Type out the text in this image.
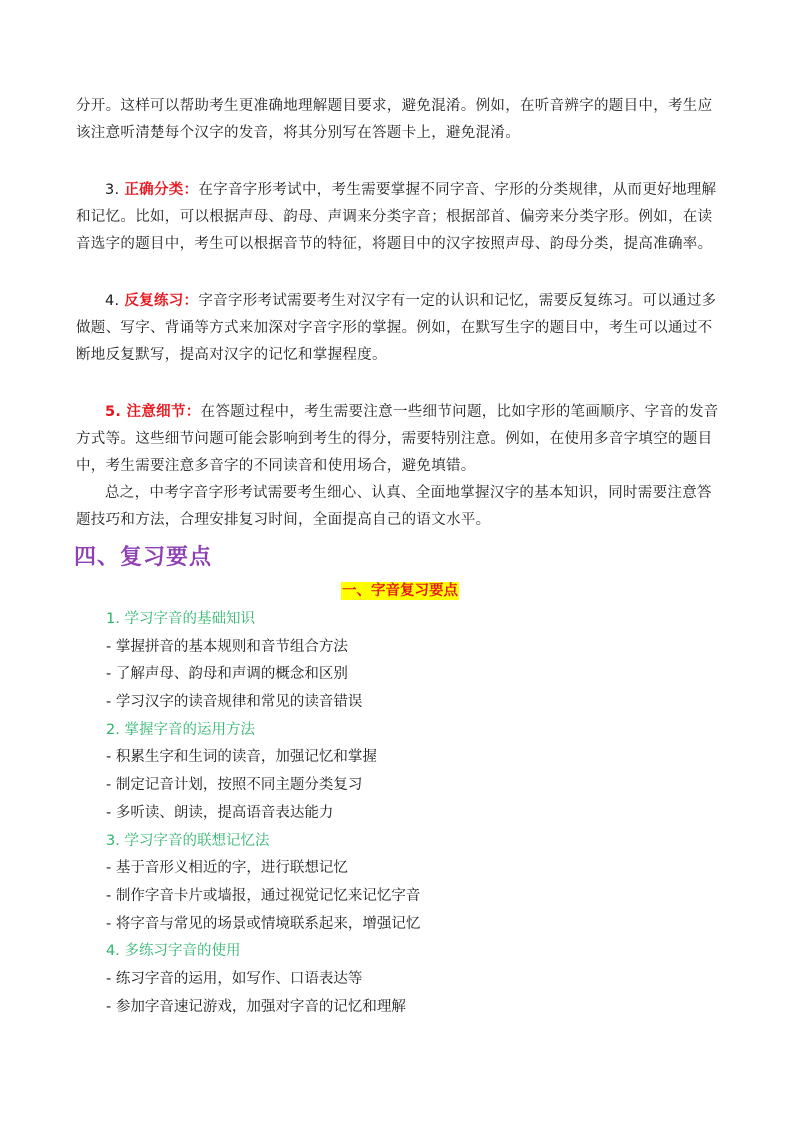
分开。这样可以帮助考生更准确地理解题目要求，避免混淆。例如，在听音辨字的题目中，考生应该注意听清楚每个汉字的发音，将其分别写在答题卡上，避免混淆。

3. 正确分类：在字音字形考试中，考生需要掌握不同字音、字形的分类规律，从而更好地理解和记忆。比如，可以根据声母、韵母、声调来分类字音；根据部首、偏旁来分类字形。例如，在读音选字的题目中，考生可以根据音节的特征，将题目中的汉字按照声母、韵母分类，提高准确率。

4. 反复练习：字音字形考试需要考生对汉字有一定的认识和记忆，需要反复练习。可以通过多做题、写字、背诵等方式来加深对字音字形的掌握。例如，在默写生字的题目中，考生可以通过不断地反复默写，提高对汉字的记忆和掌握程度。

5. 注意细节：在答题过程中，考生需要注意一些细节问题，比如字形的笔画顺序、字音的发音方式等。这些细节问题可能会影响到考生的得分，需要特别注意。例如，在使用多音字填空的题目中，考生需要注意多音字的不同读音和使用场合，避免填错。

总之，中考字音字形考试需要考生细心、认真、全面地掌握汉字的基本知识，同时需要注意答题技巧和方法，合理安排复习时间，全面提高自己的语文水平。

四、复习要点
一、字音复习要点
1. 学习字音的基础知识
- 掌握拼音的基本规则和音节组合方法
- 了解声母、韵母和声调的概念和区别
- 学习汉字的读音规律和常见的读音错误
2. 掌握字音的运用方法
- 积累生字和生词的读音，加强记忆和掌握
- 制定记音计划，按照不同主题分类复习
- 多听读、朗读，提高语音表达能力
3. 学习字音的联想记忆法
- 基于音形义相近的字，进行联想记忆
- 制作字音卡片或墙报，通过视觉记忆来记忆字音
- 将字音与常见的场景或情境联系起来，增强记忆
4. 多练习字音的使用
- 练习字音的运用，如写作、口语表达等
- 参加字音速记游戏，加强对字音的记忆和理解
